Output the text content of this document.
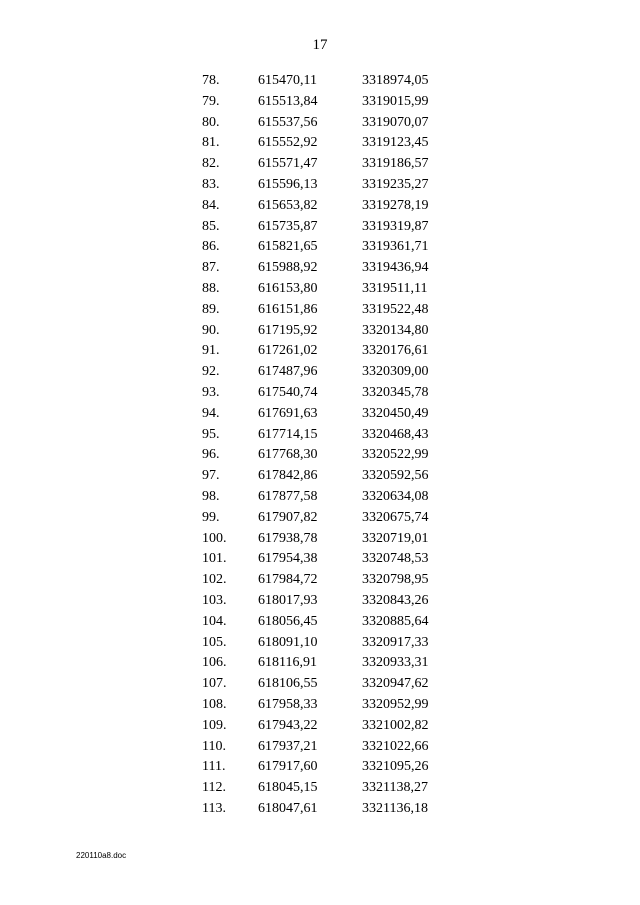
17
78.	615470,11	3318974,05
79.	615513,84	3319015,99
80.	615537,56	3319070,07
81.	615552,92	3319123,45
82.	615571,47	3319186,57
83.	615596,13	3319235,27
84.	615653,82	3319278,19
85.	615735,87	3319319,87
86.	615821,65	3319361,71
87.	615988,92	3319436,94
88.	616153,80	3319511,11
89.	616151,86	3319522,48
90.	617195,92	3320134,80
91.	617261,02	3320176,61
92.	617487,96	3320309,00
93.	617540,74	3320345,78
94.	617691,63	3320450,49
95.	617714,15	3320468,43
96.	617768,30	3320522,99
97.	617842,86	3320592,56
98.	617877,58	3320634,08
99.	617907,82	3320675,74
100. 617938,78	3320719,01
101. 617954,38	3320748,53
102. 617984,72	3320798,95
103. 618017,93	3320843,26
104. 618056,45	3320885,64
105. 618091,10	3320917,33
106. 618116,91	3320933,31
107. 618106,55	3320947,62
108. 617958,33	3320952,99
109. 617943,22	3321002,82
110. 617937,21	3321022,66
111. 617917,60	3321095,26
112. 618045,15	3321138,27
113. 618047,61	3321136,18
220110a8.doc
